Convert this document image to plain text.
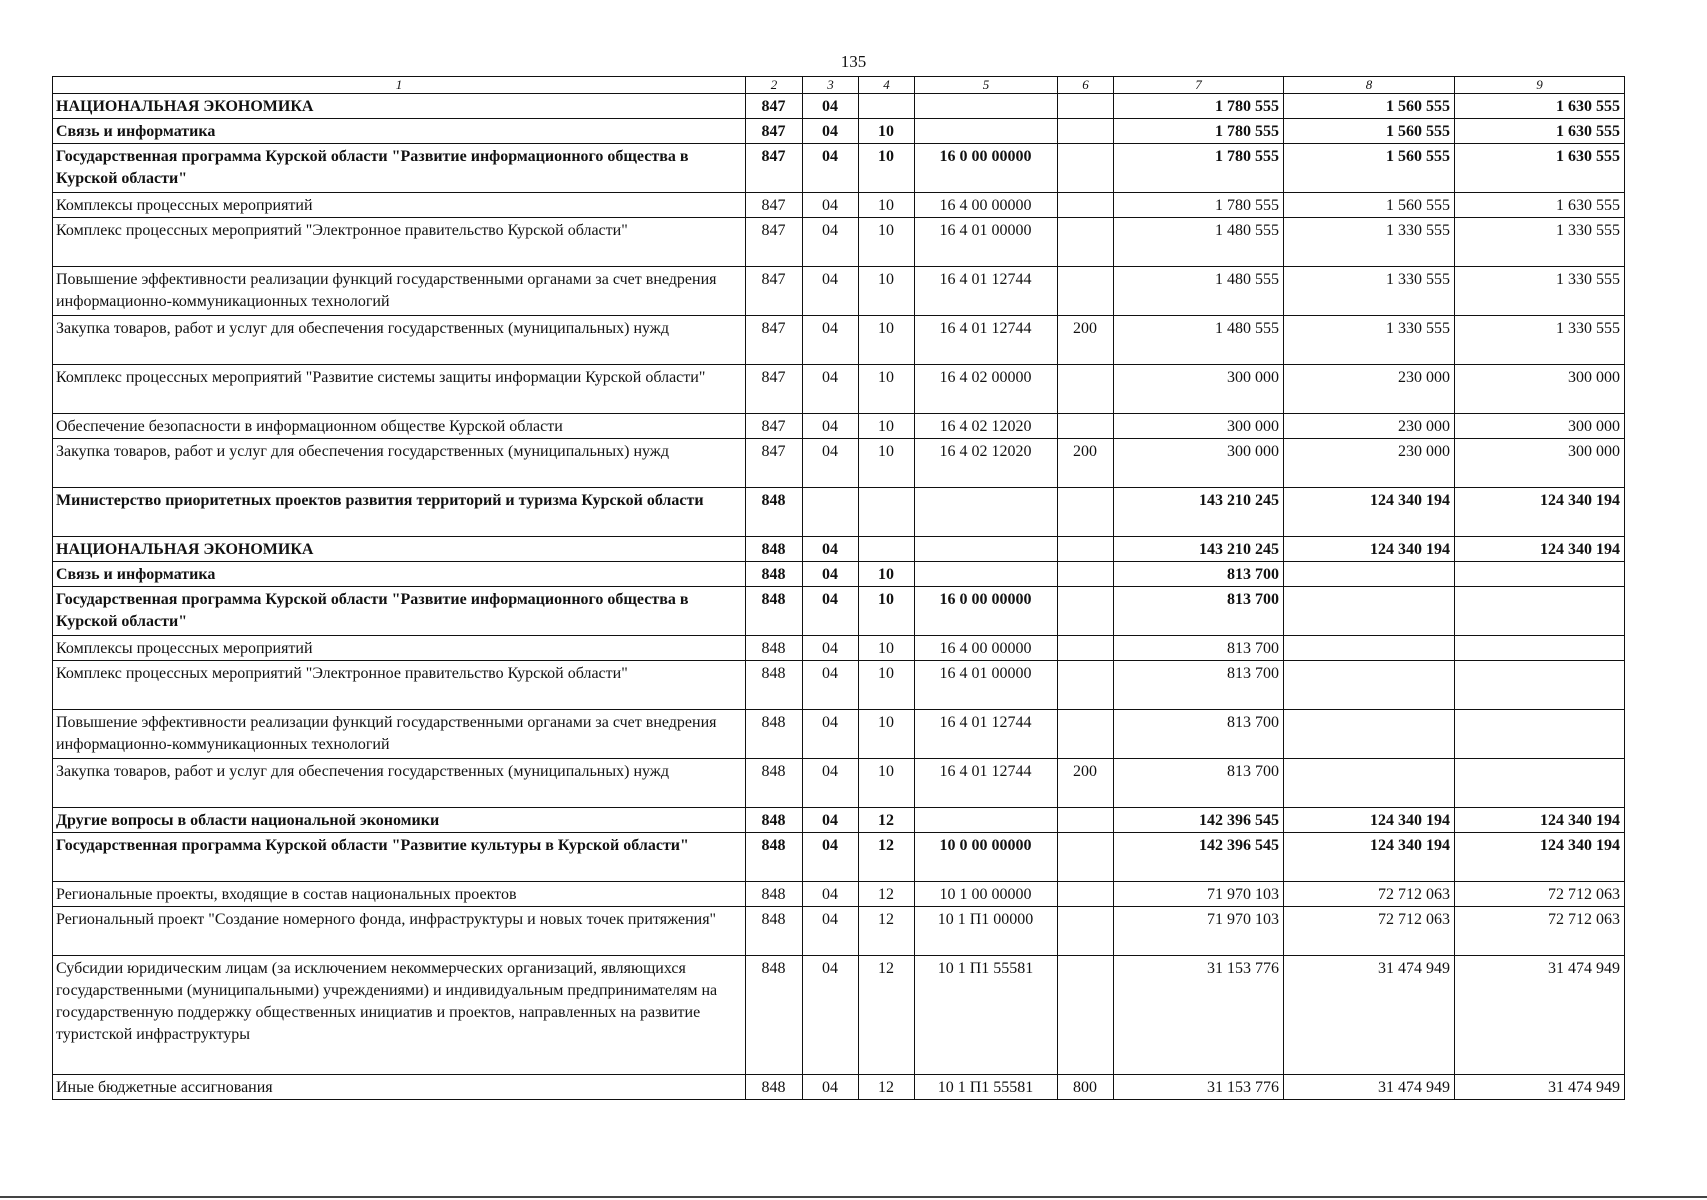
135
1	2	3	4	5	6	7	8	9
НАЦИОНАЛЬНАЯ ЭКОНОМИКА	847	04				1 780 555	1 560 555	1 630 555
Связь и информатика	847	04	10			1 780 555	1 560 555	1 630 555
Государственная программа Курской области "Развитие информационного общества в Курской области"	847	04	10	16 0 00 00000		1 780 555	1 560 555	1 630 555
Комплексы процессных мероприятий	847	04	10	16 4 00 00000		1 780 555	1 560 555	1 630 555
Комплекс процессных мероприятий "Электронное правительство Курской области"	847	04	10	16 4 01 00000		1 480 555	1 330 555	1 330 555
Повышение эффективности реализации функций государственными органами за счет внедрения информационно-коммуникационных технологий	847	04	10	16 4 01 12744		1 480 555	1 330 555	1 330 555
Закупка товаров, работ и услуг для обеспечения государственных (муниципальных) нужд	847	04	10	16 4 01 12744	200	1 480 555	1 330 555	1 330 555
Комплекс процессных мероприятий "Развитие системы защиты информации Курской области"	847	04	10	16 4 02 00000		300 000	230 000	300 000
Обеспечение безопасности в информационном обществе Курской области	847	04	10	16 4 02 12020		300 000	230 000	300 000
Закупка товаров, работ и услуг для обеспечения государственных (муниципальных) нужд	847	04	10	16 4 02 12020	200	300 000	230 000	300 000
Министерство приоритетных проектов развития территорий и туризма Курской области	848					143 210 245	124 340 194	124 340 194
НАЦИОНАЛЬНАЯ ЭКОНОМИКА	848	04				143 210 245	124 340 194	124 340 194
Связь и информатика	848	04	10			813 700		
Государственная программа Курской области "Развитие информационного общества в Курской области"	848	04	10	16 0 00 00000		813 700		
Комплексы процессных мероприятий	848	04	10	16 4 00 00000		813 700		
Комплекс процессных мероприятий "Электронное правительство Курской области"	848	04	10	16 4 01 00000		813 700		
Повышение эффективности реализации функций государственными органами за счет внедрения информационно-коммуникационных технологий	848	04	10	16 4 01 12744		813 700		
Закупка товаров, работ и услуг для обеспечения государственных (муниципальных) нужд	848	04	10	16 4 01 12744	200	813 700		
Другие вопросы в области национальной экономики	848	04	12			142 396 545	124 340 194	124 340 194
Государственная программа Курской области "Развитие культуры в Курской области"	848	04	12	10 0 00 00000		142 396 545	124 340 194	124 340 194
Региональные проекты, входящие в состав национальных проектов	848	04	12	10 1 00 00000		71 970 103	72 712 063	72 712 063
Региональный проект "Создание номерного фонда, инфраструктуры и новых точек притяжения"	848	04	12	10 1 П1 00000		71 970 103	72 712 063	72 712 063
Субсидии юридическим лицам (за исключением некоммерческих организаций, являющихся государственными (муниципальными) учреждениями) и индивидуальным предпринимателям на государственную поддержку общественных инициатив и проектов, направленных на развитие туристской инфраструктуры	848	04	12	10 1 П1 55581		31 153 776	31 474 949	31 474 949
Иные бюджетные ассигнования	848	04	12	10 1 П1 55581	800	31 153 776	31 474 949	31 474 949
